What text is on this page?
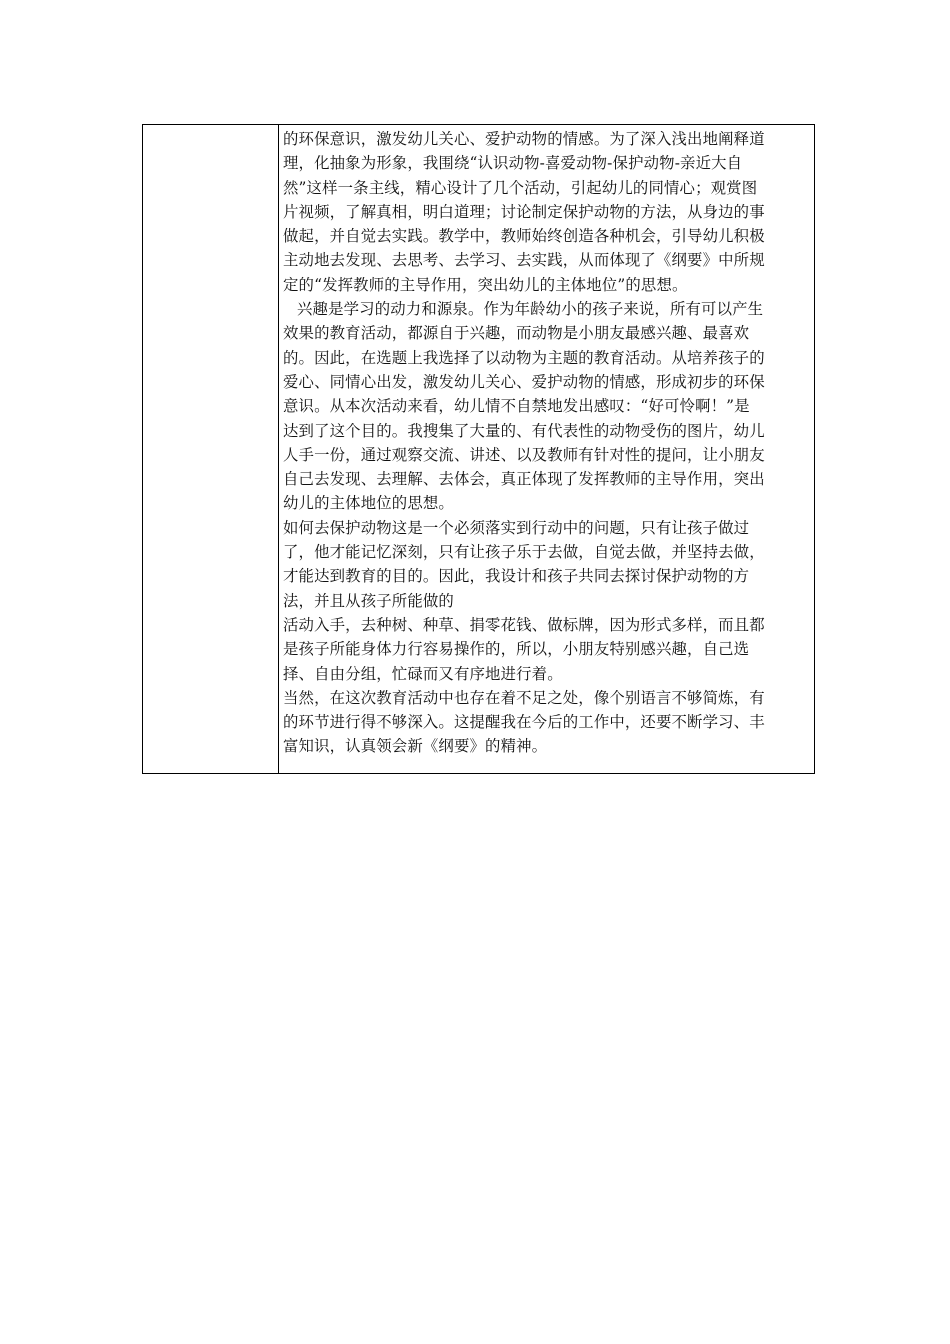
的环保意识，激发幼儿关心、爱护动物的情感。为了深入浅出地阐释道
理，化抽象为形象，我围绕“认识动物-喜爱动物-保护动物-亲近大自
然”这样一条主线，精心设计了几个活动，引起幼儿的同情心；观赏图
片视频，了解真相，明白道理；讨论制定保护动物的方法，从身边的事
做起，并自觉去实践。教学中，教师始终创造各种机会，引导幼儿积极
主动地去发现、去思考、去学习、去实践，从而体现了《纲要》中所规
定的“发挥教师的主导作用，突出幼儿的主体地位”的思想。
兴趣是学习的动力和源泉。作为年龄幼小的孩子来说，所有可以产生
效果的教育活动，都源自于兴趣，而动物是小朋友最感兴趣、最喜欢
的。因此，在选题上我选择了以动物为主题的教育活动。从培养孩子的
爱心、同情心出发，激发幼儿关心、爱护动物的情感，形成初步的环保
意识。从本次活动来看，幼儿情不自禁地发出感叹：“好可怜啊！”是
达到了这个目的。我搜集了大量的、有代表性的动物受伤的图片，幼儿
人手一份，通过观察交流、讲述、以及教师有针对性的提问，让小朋友
自己去发现、去理解、去体会，真正体现了发挥教师的主导作用，突出
幼儿的主体地位的思想。
如何去保护动物这是一个必须落实到行动中的问题，只有让孩子做过
了，他才能记忆深刻，只有让孩子乐于去做，自觉去做，并坚持去做，
才能达到教育的目的。因此，我设计和孩子共同去探讨保护动物的方
法，并且从孩子所能做的
活动入手，去种树、种草、捐零花钱、做标牌，因为形式多样，而且都
是孩子所能身体力行容易操作的，所以，小朋友特别感兴趣，自己选
择、自由分组，忙碌而又有序地进行着。
当然，在这次教育活动中也存在着不足之处，像个别语言不够简炼，有
的环节进行得不够深入。这提醒我在今后的工作中，还要不断学习、丰
富知识，认真领会新《纲要》的精神。
